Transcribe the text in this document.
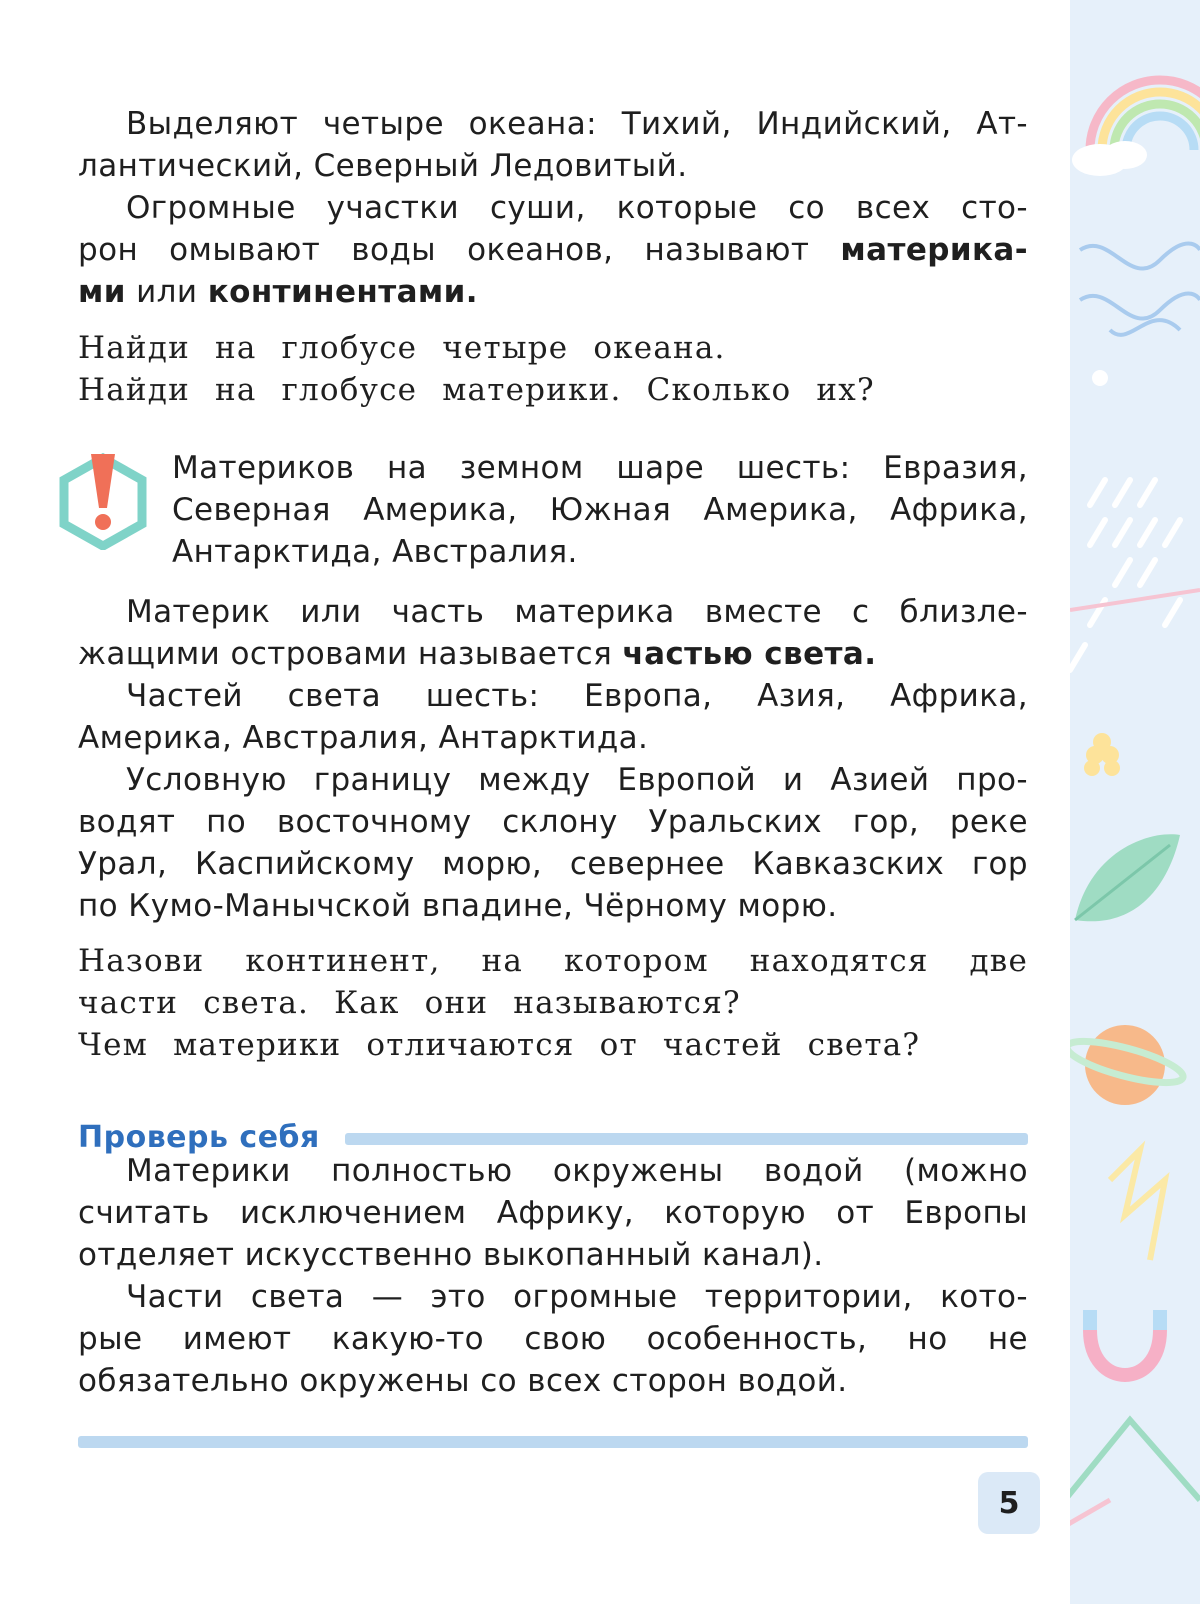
Выделяют четыре океана: Тихий, Индийский, Ат-
лантический, Северный Ледовитый.

Огромные участки суши, которые со всех сто-
рон омывают воды океанов, называют материка-
ми или континентами.

Найди на глобусе четыре океана.

Найди на глобусе материки. Сколько их?

Материков на земном шаре шесть: Евразия,
Северная Америка, Южная Америка, Африка,
Антарктида, Австралия.

Материк или часть материка вместе с близле-
жащими островами называется частью света.

Частей света шесть: Европа, Азия, Африка,
Америка, Австралия, Антарктида.

Условную границу между Европой и Азией про-
водят по восточному склону Уральских гор, реке
Урал, Каспийскому морю, севернее Кавказских гор
по Кумо-Манычской впадине, Чёрному морю.

Назови континент, на котором находятся две
части света. Как они называются?

Чем материки отличаются от частей света?

Проверь себя

Материки полностью окружены водой (можно
считать исключением Африку, которую от Европы
отделяет искусственно выкопанный канал).

Части света — это огромные территории, кото-
рые имеют какую-то свою особенность, но не
обязательно окружены со всех сторон водой.

5
